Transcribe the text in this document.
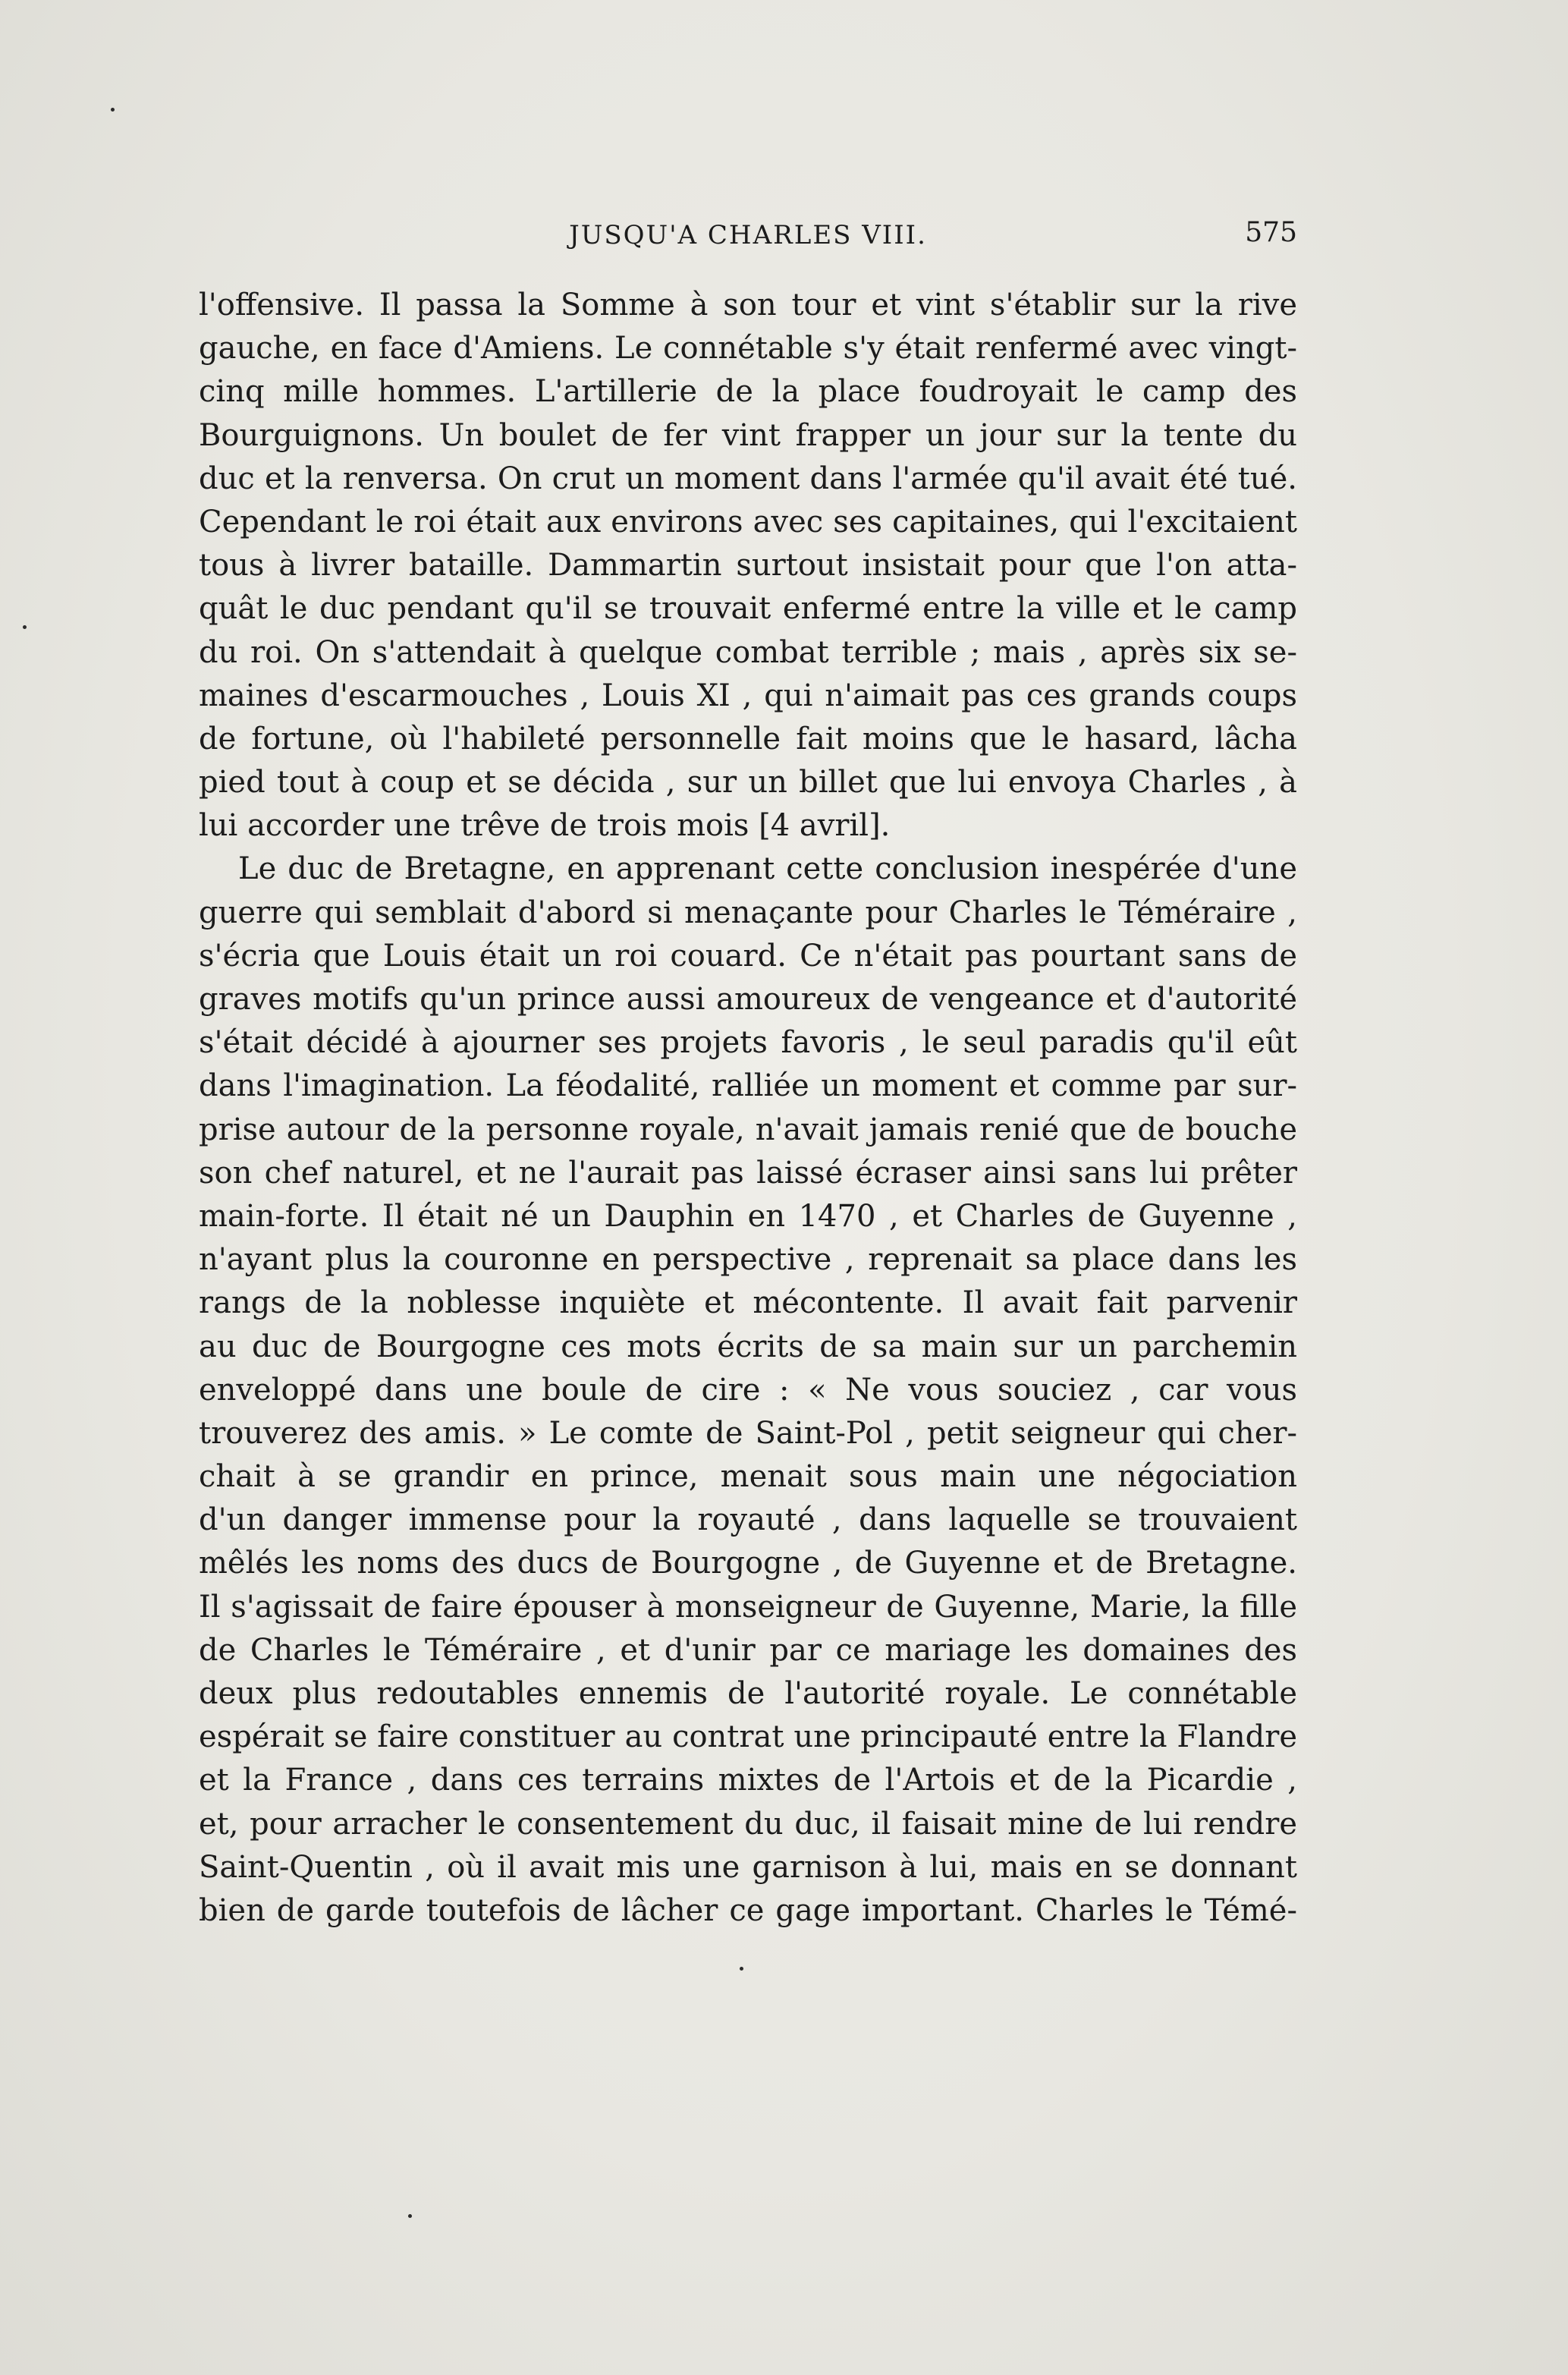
JUSQU'A CHARLES VIII.	575
l'offensive. Il passa la Somme à son tour et vint s'établir sur la rive
gauche, en face d'Amiens. Le connétable s'y était renfermé avec vingt-
cinq mille hommes. L'artillerie de la place foudroyait le camp des
Bourguignons. Un boulet de fer vint frapper un jour sur la tente du
duc et la renversa. On crut un moment dans l'armée qu'il avait été tué.
Cependant le roi était aux environs avec ses capitaines, qui l'excitaient
tous à livrer bataille. Dammartin surtout insistait pour que l'on atta-
quât le duc pendant qu'il se trouvait enfermé entre la ville et le camp
du roi. On s'attendait à quelque combat terrible ; mais , après six se-
maines d'escarmouches , Louis XI , qui n'aimait pas ces grands coups
de fortune, où l'habileté personnelle fait moins que le hasard, lâcha
pied tout à coup et se décida , sur un billet que lui envoya Charles , à
lui accorder une trêve de trois mois [4 avril].
Le duc de Bretagne, en apprenant cette conclusion inespérée d'une
guerre qui semblait d'abord si menaçante pour Charles le Téméraire ,
s'écria que Louis était un roi couard. Ce n'était pas pourtant sans de
graves motifs qu'un prince aussi amoureux de vengeance et d'autorité
s'était décidé à ajourner ses projets favoris , le seul paradis qu'il eût
dans l'imagination. La féodalité, ralliée un moment et comme par sur-
prise autour de la personne royale, n'avait jamais renié que de bouche
son chef naturel, et ne l'aurait pas laissé écraser ainsi sans lui prêter
main-forte. Il était né un Dauphin en 1470 , et Charles de Guyenne ,
n'ayant plus la couronne en perspective , reprenait sa place dans les
rangs de la noblesse inquiète et mécontente. Il avait fait parvenir
au duc de Bourgogne ces mots écrits de sa main sur un parchemin
enveloppé dans une boule de cire : « Ne vous souciez , car vous
trouverez des amis. » Le comte de Saint-Pol , petit seigneur qui cher-
chait à se grandir en prince, menait sous main une négociation
d'un danger immense pour la royauté , dans laquelle se trouvaient
mêlés les noms des ducs de Bourgogne , de Guyenne et de Bretagne.
Il s'agissait de faire épouser à monseigneur de Guyenne, Marie, la fille
de Charles le Téméraire , et d'unir par ce mariage les domaines des
deux plus redoutables ennemis de l'autorité royale. Le connétable
espérait se faire constituer au contrat une principauté entre la Flandre
et la France , dans ces terrains mixtes de l'Artois et de la Picardie ,
et, pour arracher le consentement du duc, il faisait mine de lui rendre
Saint-Quentin , où il avait mis une garnison à lui, mais en se donnant
bien de garde toutefois de lâcher ce gage important. Charles le Témé-
